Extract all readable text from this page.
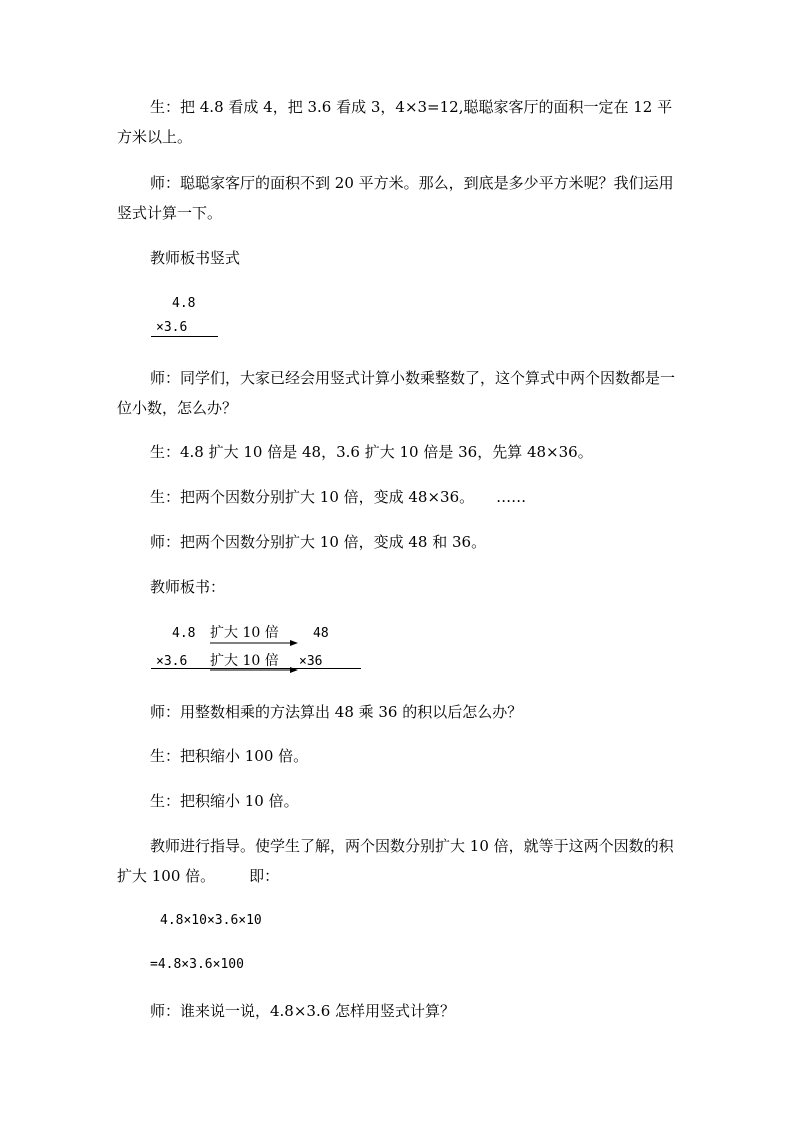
生：把 4.8 看成 4，把 3.6 看成 3，4×3=12,聪聪家客厅的面积一定在 12 平方米以上。

师：聪聪家客厅的面积不到 20 平方米。那么，到底是多少平方米呢？我们运用竖式计算一下。

教师板书竖式

4.8
×3.6

师：同学们，大家已经会用竖式计算小数乘整数了，这个算式中两个因数都是一位小数，怎么办？

生：4.8 扩大 10 倍是 48，3.6 扩大 10 倍是 36，先算 48×36。

生：把两个因数分别扩大 10 倍，变成 48×36。 ……

师：把两个因数分别扩大 10 倍，变成 48 和 36。

教师板书：

4.8 扩大 10 倍	48
×3.6 扩大 10 倍 ×36

师：用整数相乘的方法算出 48 乘 36 的积以后怎么办？

生：把积缩小 100 倍。

生：把积缩小 10 倍。

教师进行指导。使学生了解，两个因数分别扩大 10 倍，就等于这两个因数的积扩大 100 倍。 即：

4.8×10×3.6×10
=4.8×3.6×100

师：谁来说一说，4.8×3.6 怎样用竖式计算？
